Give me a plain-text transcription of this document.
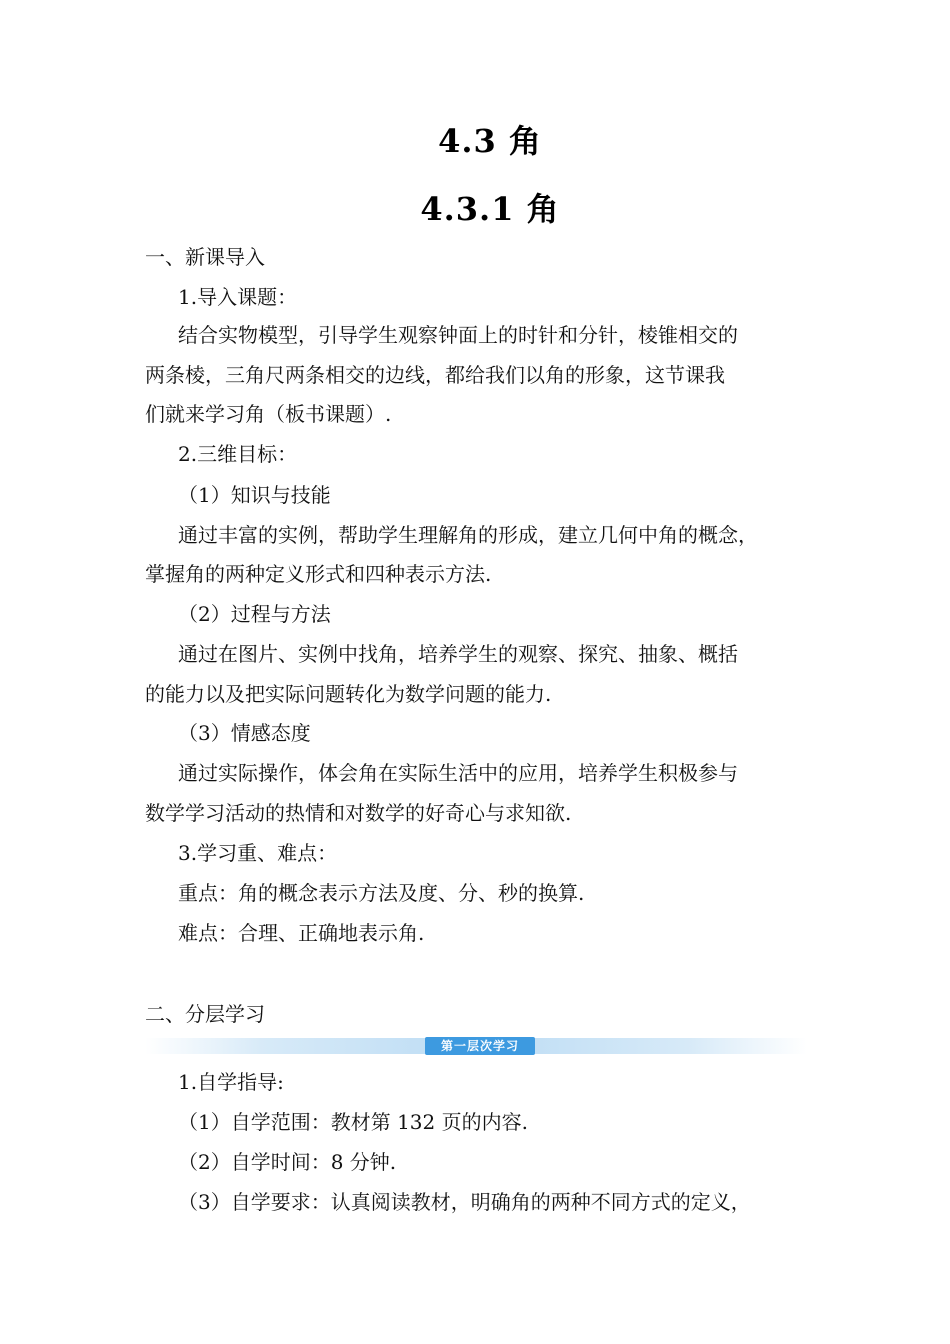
4.3 角
4.3.1 角
一、新课导入
1.导入课题：
结合实物模型，引导学生观察钟面上的时针和分针，棱锥相交的
两条棱，三角尺两条相交的边线，都给我们以角的形象，这节课我
们就来学习角（板书课题）.
2.三维目标：
（1）知识与技能
通过丰富的实例，帮助学生理解角的形成，建立几何中角的概念，
掌握角的两种定义形式和四种表示方法.
（2）过程与方法
通过在图片、实例中找角，培养学生的观察、探究、抽象、概括
的能力以及把实际问题转化为数学问题的能力.
（3）情感态度
通过实际操作，体会角在实际生活中的应用，培养学生积极参与
数学学习活动的热情和对数学的好奇心与求知欲.
3.学习重、难点：
重点：角的概念表示方法及度、分、秒的换算.
难点：合理、正确地表示角.
二、分层学习
第一层次学习
1.自学指导:
（1）自学范围：教材第 132 页的内容.
（2）自学时间：8 分钟.
（3）自学要求：认真阅读教材，明确角的两种不同方式的定义，
